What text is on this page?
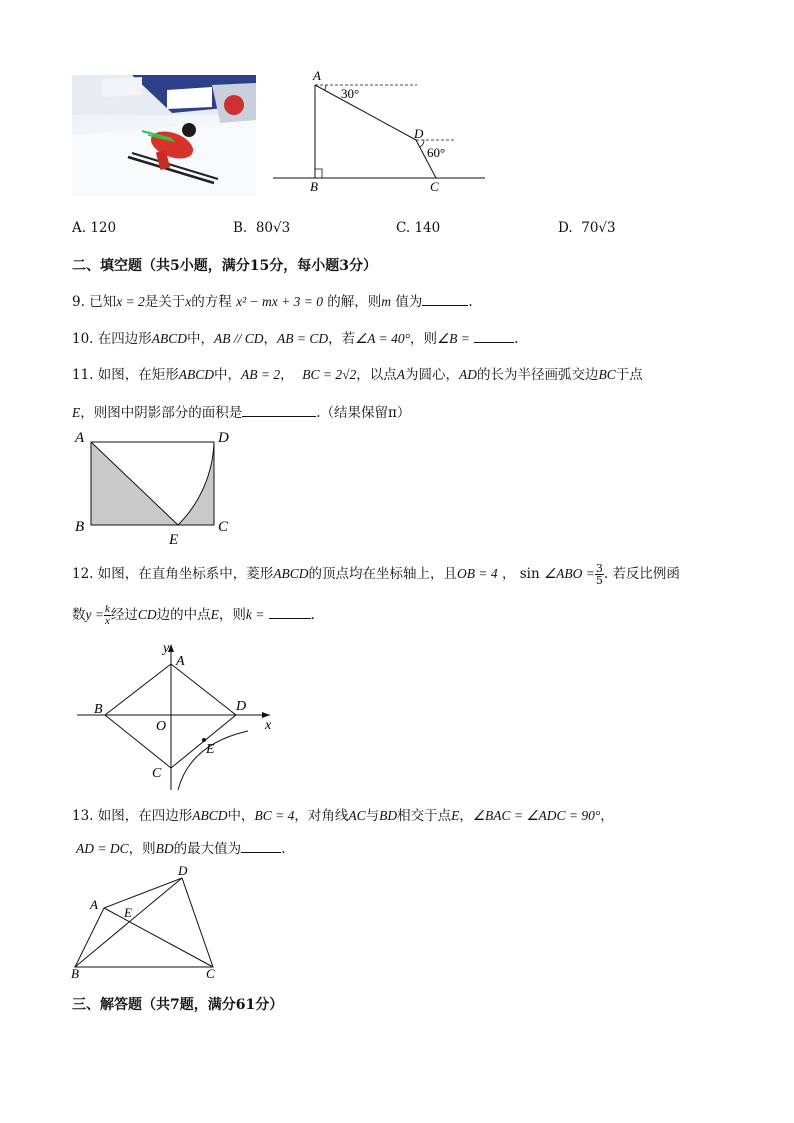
A
B	C
D
30°
60°
A. 120	B. 80√3	C. 140	D. 70√3
二、填空题（共5小题，满分15分，每小题3分）
9. 已知x = 2是关于x的方程 x² − mx + 3 = 0 的解，则m 值为	.
10. 在四边形ABCD中，AB // CD，AB = CD，若∠A = 40°，则∠B =	.
11. 如图，在矩形ABCD中，AB = 2， BC = 2√2，以点A为圆心，AD的长为半径画弧交边BC于点
E，则图中阴影部分的面积是	.（结果保留π）
A	D
B
E
C
12. 如图，在直角坐标系中，菱形ABCD的顶点均在坐标轴上，且OB = 4 ， sin ∠ABO = $\frac{3}{5}$ . 若反比例函
数$y = \frac{k}{x}$ 经过CD边的中点E，则k =	.
y
x
A
B
O
D
C
E
13. 如图，在四边形ABCD中，BC = 4，对角线AC与BD相交于点E，∠BAC = ∠ADC = 90°，
AD = DC，则BD的最大值为	.
D
A
E
B	C
三、解答题（共7题，满分61分）
